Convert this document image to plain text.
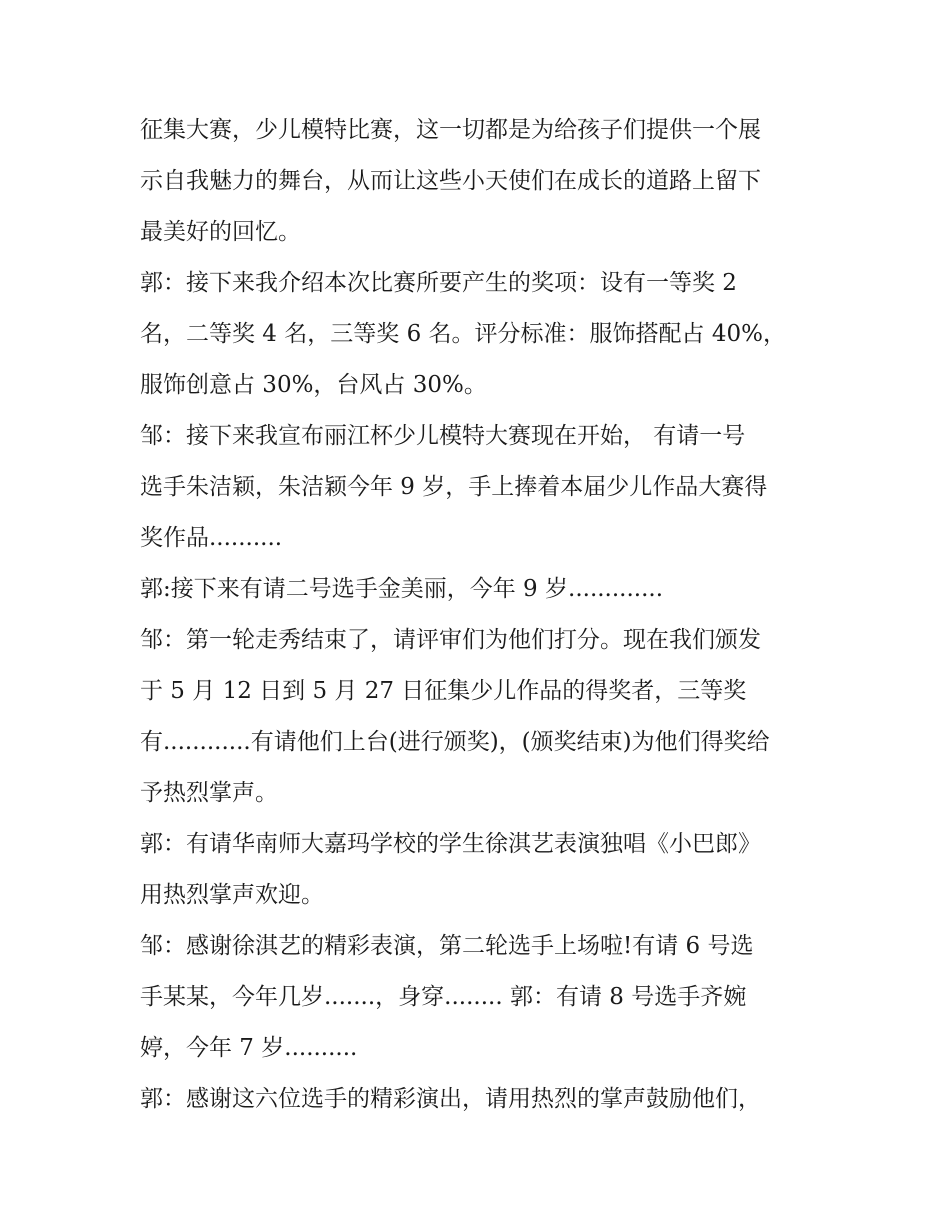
征集大赛，少儿模特比赛，这一切都是为给孩子们提供一个展
示自我魅力的舞台，从而让这些小天使们在成长的道路上留下
最美好的回忆。
郭：接下来我介绍本次比赛所要产生的奖项：设有一等奖 2
名，二等奖 4 名，三等奖 6 名。评分标准：服饰搭配占 40%，
服饰创意占 30%，台风占 30%。
邹：接下来我宣布丽江杯少儿模特大赛现在开始， 有请一号
选手朱洁颖，朱洁颖今年 9 岁，手上捧着本届少儿作品大赛得
奖作品..........
郭:接下来有请二号选手金美丽，今年 9 岁.............
邹：第一轮走秀结束了，请评审们为他们打分。现在我们颁发
于 5 月 12 日到 5 月 27 日征集少儿作品的得奖者，三等奖
有............有请他们上台(进行颁奖)，(颁奖结束)为他们得奖给
予热烈掌声。
郭：有请华南师大嘉玛学校的学生徐淇艺表演独唱《小巴郎》
用热烈掌声欢迎。
邹：感谢徐淇艺的精彩表演，第二轮选手上场啦!有请 6 号选
手某某，今年几岁.......，身穿........ 郭：有请 8 号选手齐婉
婷，今年 7 岁..........
郭：感谢这六位选手的精彩演出，请用热烈的掌声鼓励他们，
